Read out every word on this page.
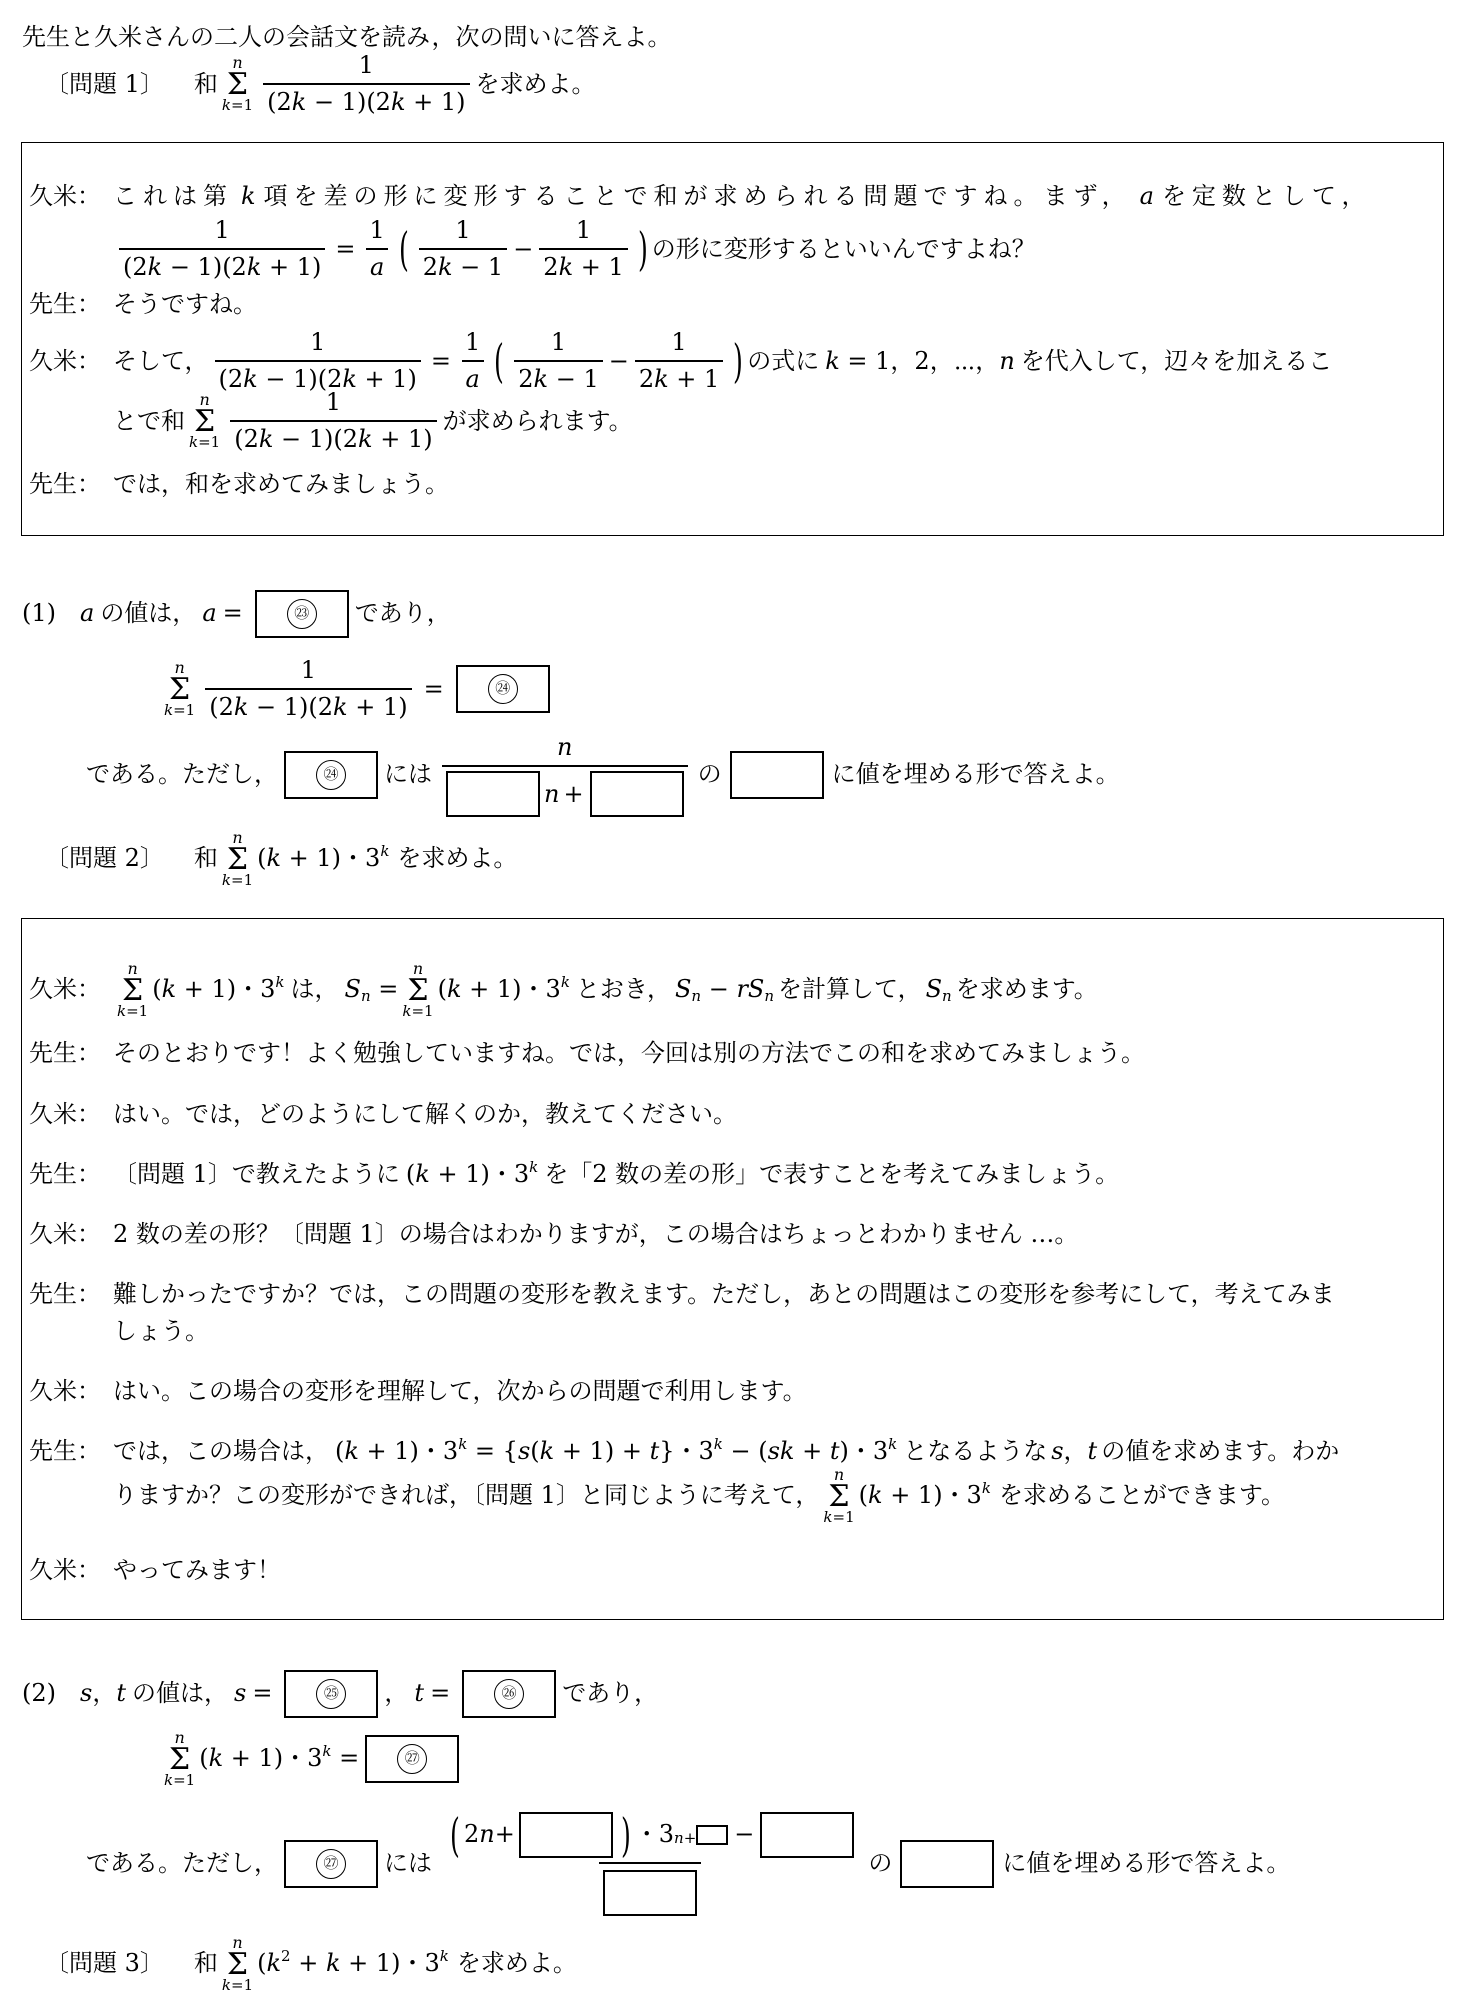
先生と久米さんの二人の会話文を読み，次の問いに答えよ。
〔問題 1〕 和
n
Σ
$k=1 \frac{1}{(2k - 1)(2k + 1)}$ を求めよ。
久米： これは第 k 項を差の形に変形することで和が求められる問題ですね。まず， a を定数として，
$\frac{1}{(2k - 1)(2k + 1)} = \frac{1}{a}$ ( $\frac{1}{2k - 1} - \frac{1}{2k + 1}$ ) の形に変形するといいんですよね？
先生： そうですね。
久米： そして， $\frac{1}{(2k - 1)(2k + 1)} = \frac{1}{a}$ ( $\frac{1}{2k - 1} - \frac{1}{2k + 1}$ ) の式に k = 1，2，⋯，n を代入して，辺々を加えるこ
とで和
n
Σ
$k=1 \frac{1}{(2k - 1)(2k + 1)}$ が求められます。
先生： では，和を求めてみましょう。
(1) a の値は， a =	㉓	であり，
n
Σ
$k=1 \frac{1}{(2k - 1)(2k + 1)}$ =	㉔
である。ただし，	㉔	には $\frac{n}{n +}$ の	に値を埋める形で答えよ。
〔問題 2〕 和
n
Σ
k=1
(k + 1)・3$^k$ を求めよ。
久米：
n
Σ
k=1
(k + 1)・3$^k$ は， $S_n$ =
n
Σ
k=1
(k + 1)・3$^k$ とおき， $S_n - rS_n$ を計算して， $S_n$ を求めます。
先生： そのとおりです！よく勉強していますね。では，今回は別の方法でこの和を求めてみましょう。
久米： はい。では，どのようにして解くのか，教えてください。
先生： 〔問題 1〕で教えたように (k + 1)・3$^k$ を「2 数の差の形」で表すことを考えてみましょう。
久米： 2 数の差の形？〔問題 1〕の場合はわかりますが，この場合はちょっとわかりません …。
先生： 難しかったですか？では，この問題の変形を教えます。ただし，あとの問題はこの変形を参考にして，考えてみま
しょう。
久米： はい。この場合の変形を理解して，次からの問題で利用します。
先生： では，この場合は， (k + 1)・$3^k = \{s(k + 1) + t\}$・$3^k - (sk + t)$・3$^k$ となるような s，t の値を求めます。わか
りますか？この変形ができれば，〔問題 1〕と同じように考えて，
n
Σ
k=1
(k + 1)・3$^k$ を求めることができます。
久米： やってみます！
(2) s，t の値は， s =	㉕	， t =	㉖	であり，
n
Σ
k=1
(k + 1)・$3^k$ =	㉗
である。ただし，	㉗	には
( 2 n + ) ・3 n+	−
の	に値を埋める形で答えよ。
〔問題 3〕 和
n
Σ
k=1
$(k^2 + k + 1)$・3$^k$ を求めよ。
